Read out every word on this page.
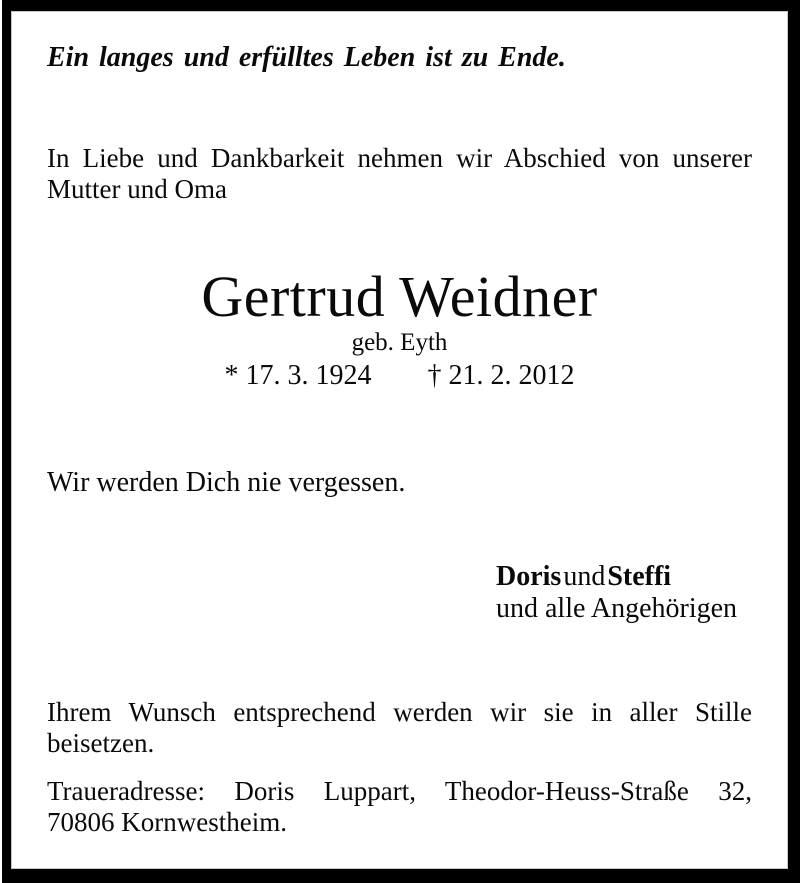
Ein langes und erfülltes Leben ist zu Ende.
In Liebe und Dankbarkeit nehmen wir Abschied von unserer
Mutter und Oma
Gertrud Weidner
geb. Eyth
* 17. 3. 1924 † 21. 2. 2012
Wir werden Dich nie vergessen.
DorisundSteffi
und alle Angehörigen
Ihrem Wunsch entsprechend werden wir sie in aller Stille
beisetzen.
Traueradresse: Doris Luppart, Theodor-Heuss-Straße 32,
70806 Kornwestheim.
